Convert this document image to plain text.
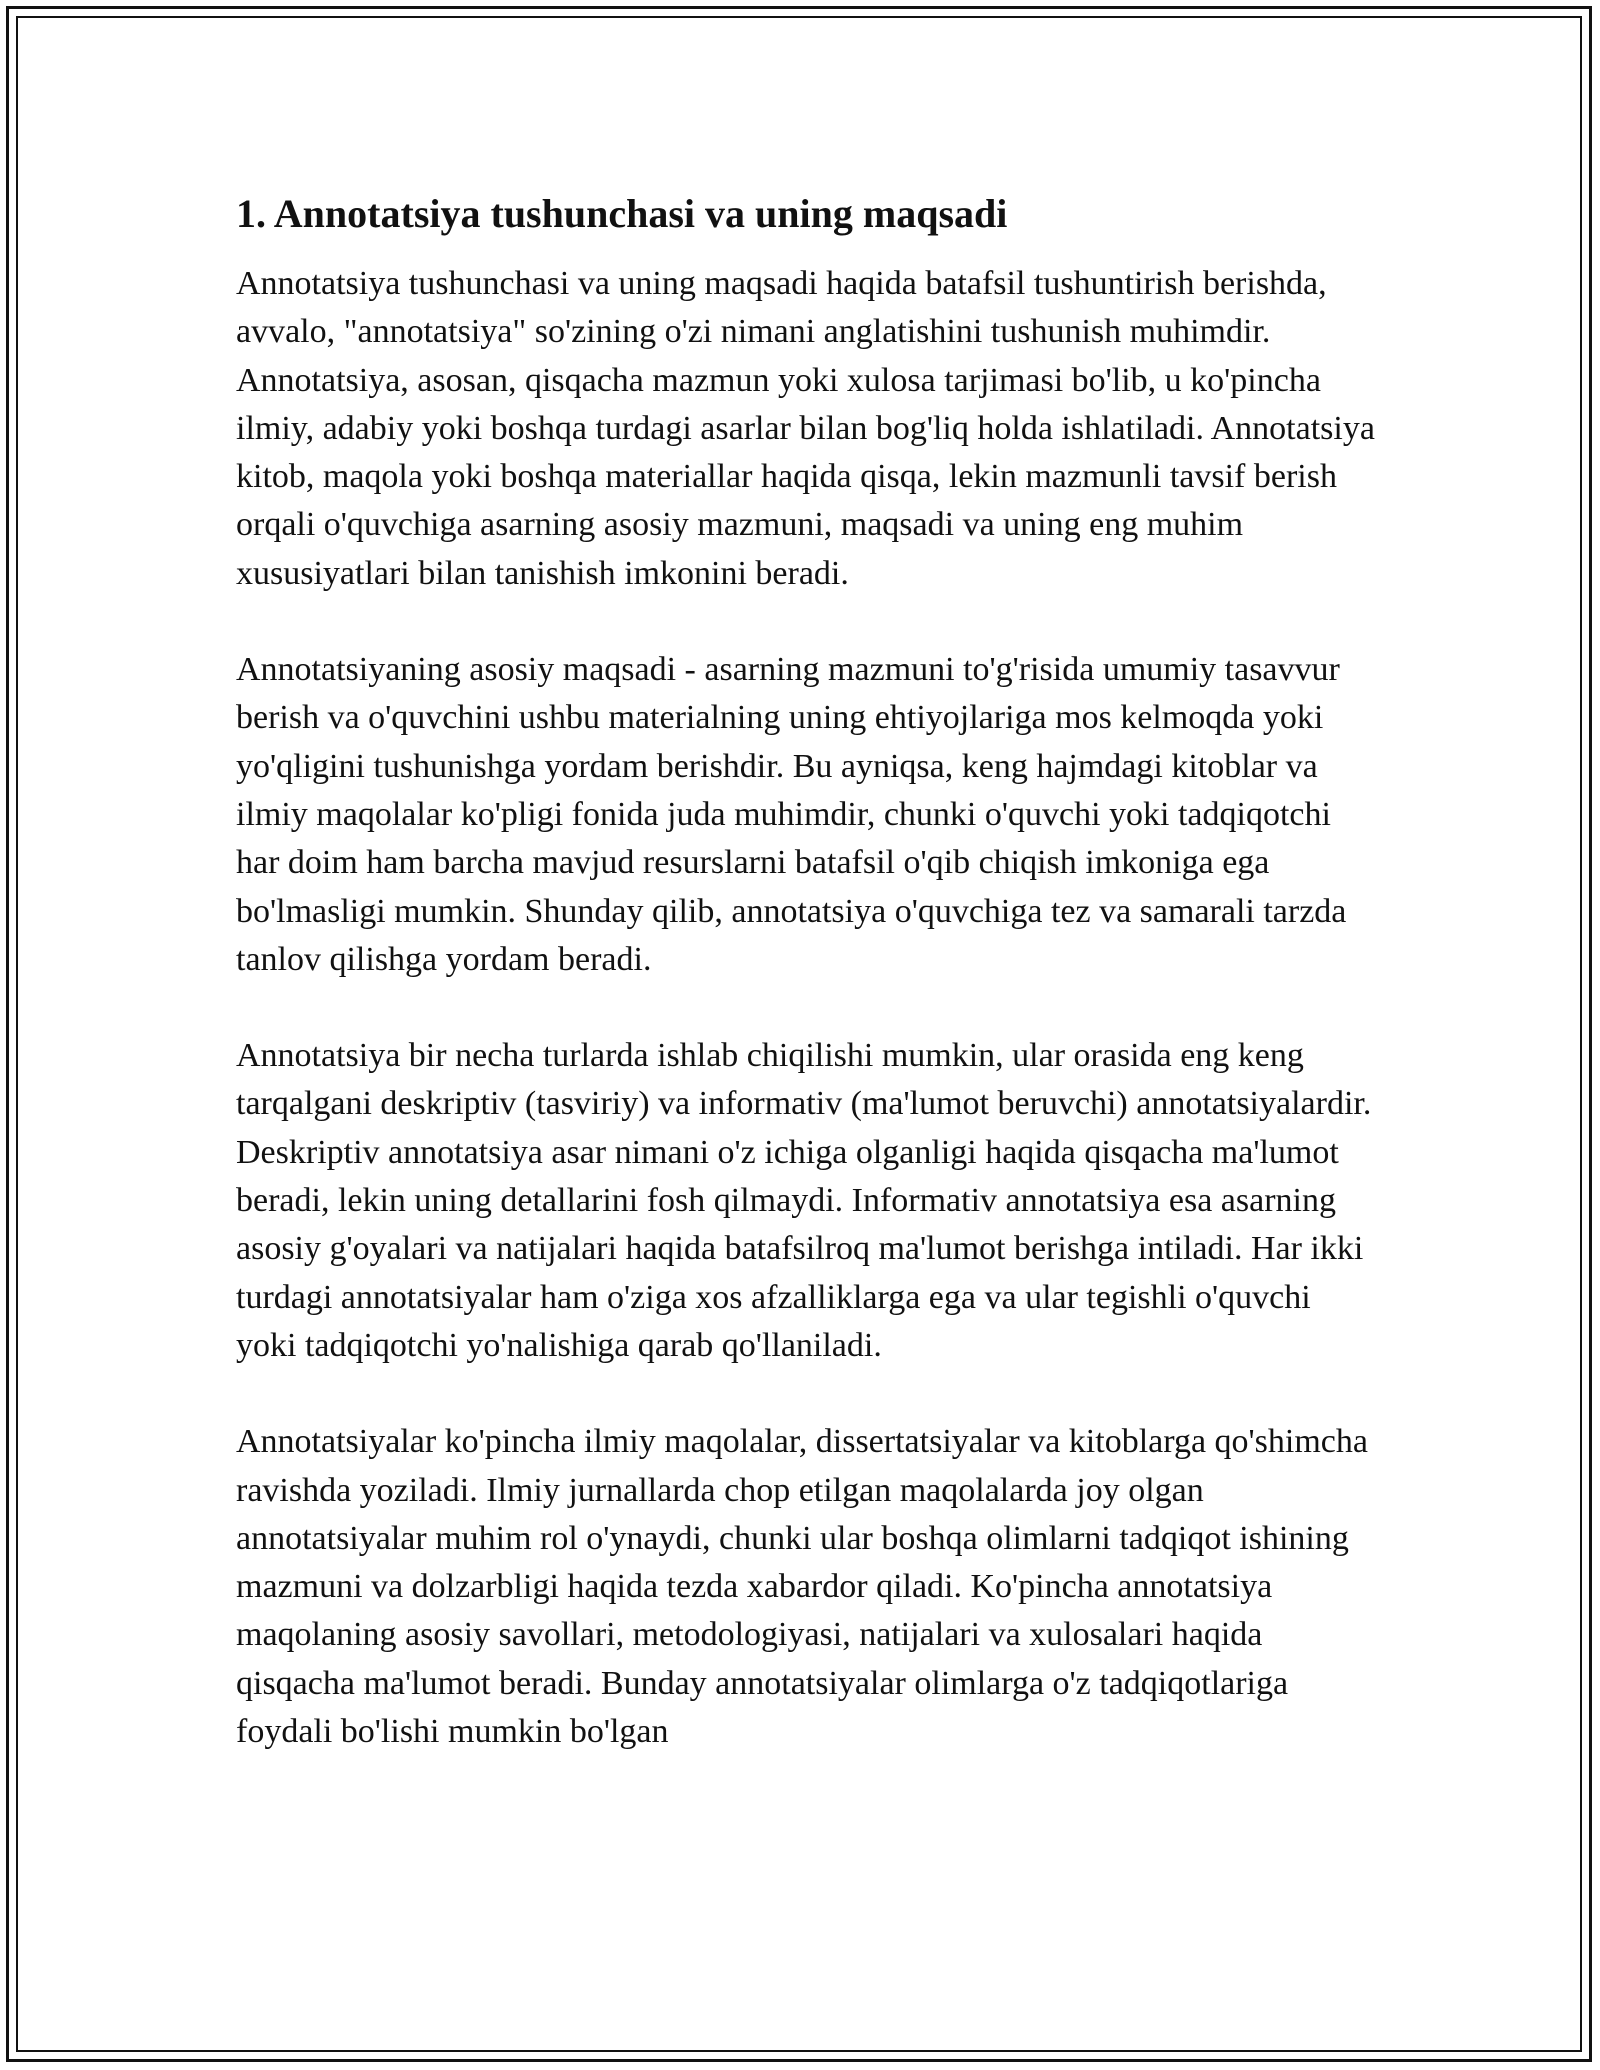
1. Annotatsiya tushunchasi va uning maqsadi

Annotatsiya tushunchasi va uning maqsadi haqida batafsil tushuntirish berishda, avvalo, "annotatsiya" so'zining o'zi nimani anglatishini tushunish muhimdir. Annotatsiya, asosan, qisqacha mazmun yoki xulosa tarjimasi bo'lib, u ko'pincha ilmiy, adabiy yoki boshqa turdagi asarlar bilan bog'liq holda ishlatiladi. Annotatsiya kitob, maqola yoki boshqa materiallar haqida qisqa, lekin mazmunli tavsif berish orqali o'quvchiga asarning asosiy mazmuni, maqsadi va uning eng muhim xususiyatlari bilan tanishish imkonini beradi.

Annotatsiyaning asosiy maqsadi - asarning mazmuni to'g'risida umumiy tasavvur berish va o'quvchini ushbu materialning uning ehtiyojlariga mos kelmoqda yoki yo'qligini tushunishga yordam berishdir. Bu ayniqsa, keng hajmdagi kitoblar va ilmiy maqolalar ko'pligi fonida juda muhimdir, chunki o'quvchi yoki tadqiqotchi har doim ham barcha mavjud resurslarni batafsil o'qib chiqish imkoniga ega bo'lmasligi mumkin. Shunday qilib, annotatsiya o'quvchiga tez va samarali tarzda tanlov qilishga yordam beradi.

Annotatsiya bir necha turlarda ishlab chiqilishi mumkin, ular orasida eng keng tarqalgani deskriptiv (tasviriy) va informativ (ma'lumot beruvchi) annotatsiyalardir. Deskriptiv annotatsiya asar nimani o'z ichiga olganligi haqida qisqacha ma'lumot beradi, lekin uning detallarini fosh qilmaydi. Informativ annotatsiya esa asarning asosiy g'oyalari va natijalari haqida batafsilroq ma'lumot berishga intiladi. Har ikki turdagi annotatsiyalar ham o'ziga xos afzalliklarga ega va ular tegishli o'quvchi yoki tadqiqotchi yo'nalishiga qarab qo'llaniladi.

Annotatsiyalar ko'pincha ilmiy maqolalar, dissertatsiyalar va kitoblarga qo'shimcha ravishda yoziladi. Ilmiy jurnallarda chop etilgan maqolalarda joy olgan annotatsiyalar muhim rol o'ynaydi, chunki ular boshqa olimlarni tadqiqot ishining mazmuni va dolzarbligi haqida tezda xabardor qiladi. Ko'pincha annotatsiya maqolaning asosiy savollari, metodologiyasi, natijalari va xulosalari haqida qisqacha ma'lumot beradi. Bunday annotatsiyalar olimlarga o'z tadqiqotlariga foydali bo'lishi mumkin bo'lgan
